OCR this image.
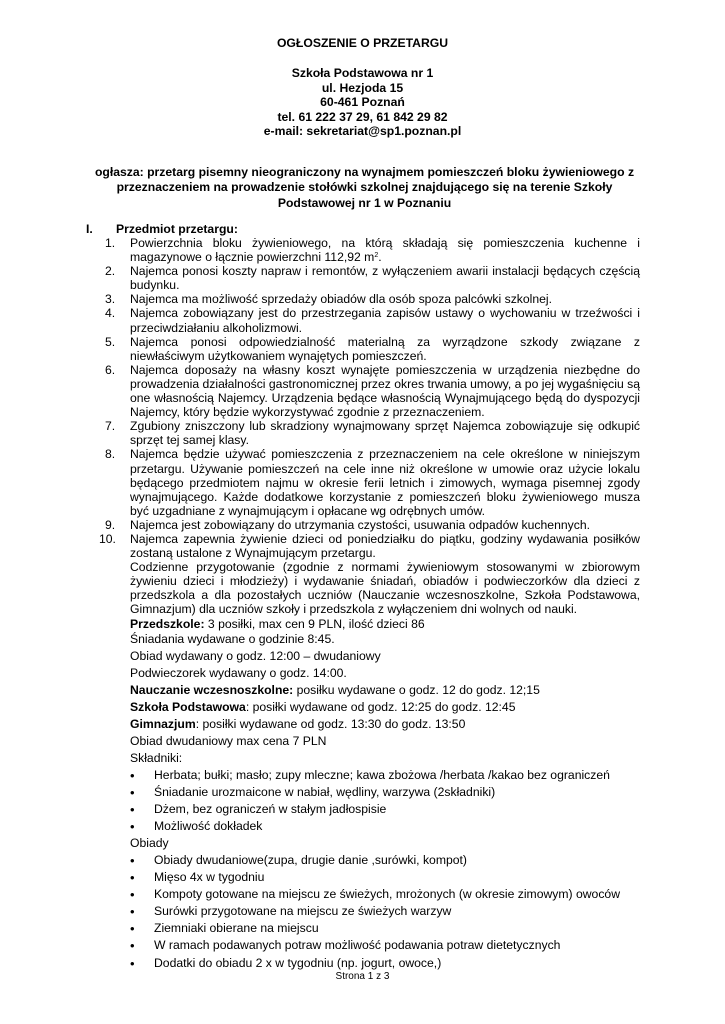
OGŁOSZENIE O PRZETARGU
Szkoła Podstawowa nr 1
ul. Hezjoda 15
60-461 Poznań
tel. 61 222 37 29, 61 842 29 82
e-mail: sekretariat@sp1.poznan.pl
ogłasza: przetarg pisemny nieograniczony na wynajmem pomieszczeń bloku żywieniowego z
przeznaczeniem na prowadzenie stołówki szkolnej znajdującego się na terenie Szkoły
Podstawowej nr 1 w Poznaniu
I. Przedmiot przetargu:
1.	Powierzchnia bloku żywieniowego, na którą składają się pomieszczenia kuchenne i magazynowe o łącznie powierzchni 112,92 $m^2$.
2.	Najemca ponosi koszty napraw i remontów, z wyłączeniem awarii instalacji będących częścią budynku.
3.	Najemca ma możliwość sprzedaży obiadów dla osób spoza palcówki szkolnej.
4.	Najemca zobowiązany jest do przestrzegania zapisów ustawy o wychowaniu w trzeźwości i przeciwdziałaniu alkoholizmowi.
5.	Najemca ponosi odpowiedzialność materialną za wyrządzone szkody związane z niewłaściwym użytkowaniem wynajętych pomieszczeń.
6.	Najemca doposaży na własny koszt wynajęte pomieszczenia w urządzenia niezbędne do prowadzenia działalności gastronomicznej przez okres trwania umowy, a po jej wygaśnięciu są one własnością Najemcy. Urządzenia będące własnością Wynajmującego będą do dyspozycji Najemcy, który będzie wykorzystywać zgodnie z przeznaczeniem.
7.	Zgubiony zniszczony lub skradziony wynajmowany sprzęt Najemca zobowiązuje się odkupić sprzęt tej samej klasy.
8.	Najemca będzie używać pomieszczenia z przeznaczeniem na cele określone w niniejszym przetargu. Używanie pomieszczeń na cele inne niż określone w umowie oraz użycie lokalu będącego przedmiotem najmu w okresie ferii letnich i zimowych, wymaga pisemnej zgody wynajmującego. Każde dodatkowe korzystanie z pomieszczeń bloku żywieniowego musza być uzgadniane z wynajmującym i opłacane wg odrębnych umów.
9.	Najemca jest zobowiązany do utrzymania czystości, usuwania odpadów kuchennych.
10.	Najemca zapewnia żywienie dzieci od poniedziałku do piątku, godziny wydawania posiłków zostaną ustalone z Wynajmującym przetargu.
Codzienne przygotowanie (zgodnie z normami żywieniowym stosowanymi w zbiorowym żywieniu dzieci i młodzieży) i wydawanie śniadań, obiadów i podwieczorków dla dzieci z przedszkola a dla pozostałych uczniów (Nauczanie wczesnoszkolne, Szkoła Podstawowa, Gimnazjum) dla uczniów szkoły i przedszkola z wyłączeniem dni wolnych od nauki.
Przedszkole: 3 posiłki, max cen 9 PLN, ilość dzieci 86
Śniadania wydawane o godzinie 8:45.
Obiad wydawany o godz. 12:00 – dwudaniowy
Podwieczorek wydawany o godz. 14:00.
Nauczanie wczesnoszkolne: posiłku wydawane o godz. 12 do godz. 12;15
Szkoła Podstawowa: posiłki wydawane od godz. 12:25 do godz. 12:45
Gimnazjum: posiłki wydawane od godz. 13:30 do godz. 13:50
Obiad dwudaniowy max cena 7 PLN
Składniki:
• Herbata; bułki; masło; zupy mleczne; kawa zbożowa /herbata /kakao bez ograniczeń
• Śniadanie urozmaicone w nabiał, wędliny, warzywa (2składniki)
• Dżem, bez ograniczeń w stałym jadłospisie
• Możliwość dokładek
Obiady
• Obiady dwudaniowe(zupa, drugie danie ,surówki, kompot)
• Mięso 4x w tygodniu
• Kompoty gotowane na miejscu ze świeżych, mrożonych (w okresie zimowym) owoców
• Surówki przygotowane na miejscu ze świeżych warzyw
• Ziemniaki obierane na miejscu
• W ramach podawanych potraw możliwość podawania potraw dietetycznych
• Dodatki do obiadu 2 x w tygodniu (np. jogurt, owoce,)
Strona 1 z 3
